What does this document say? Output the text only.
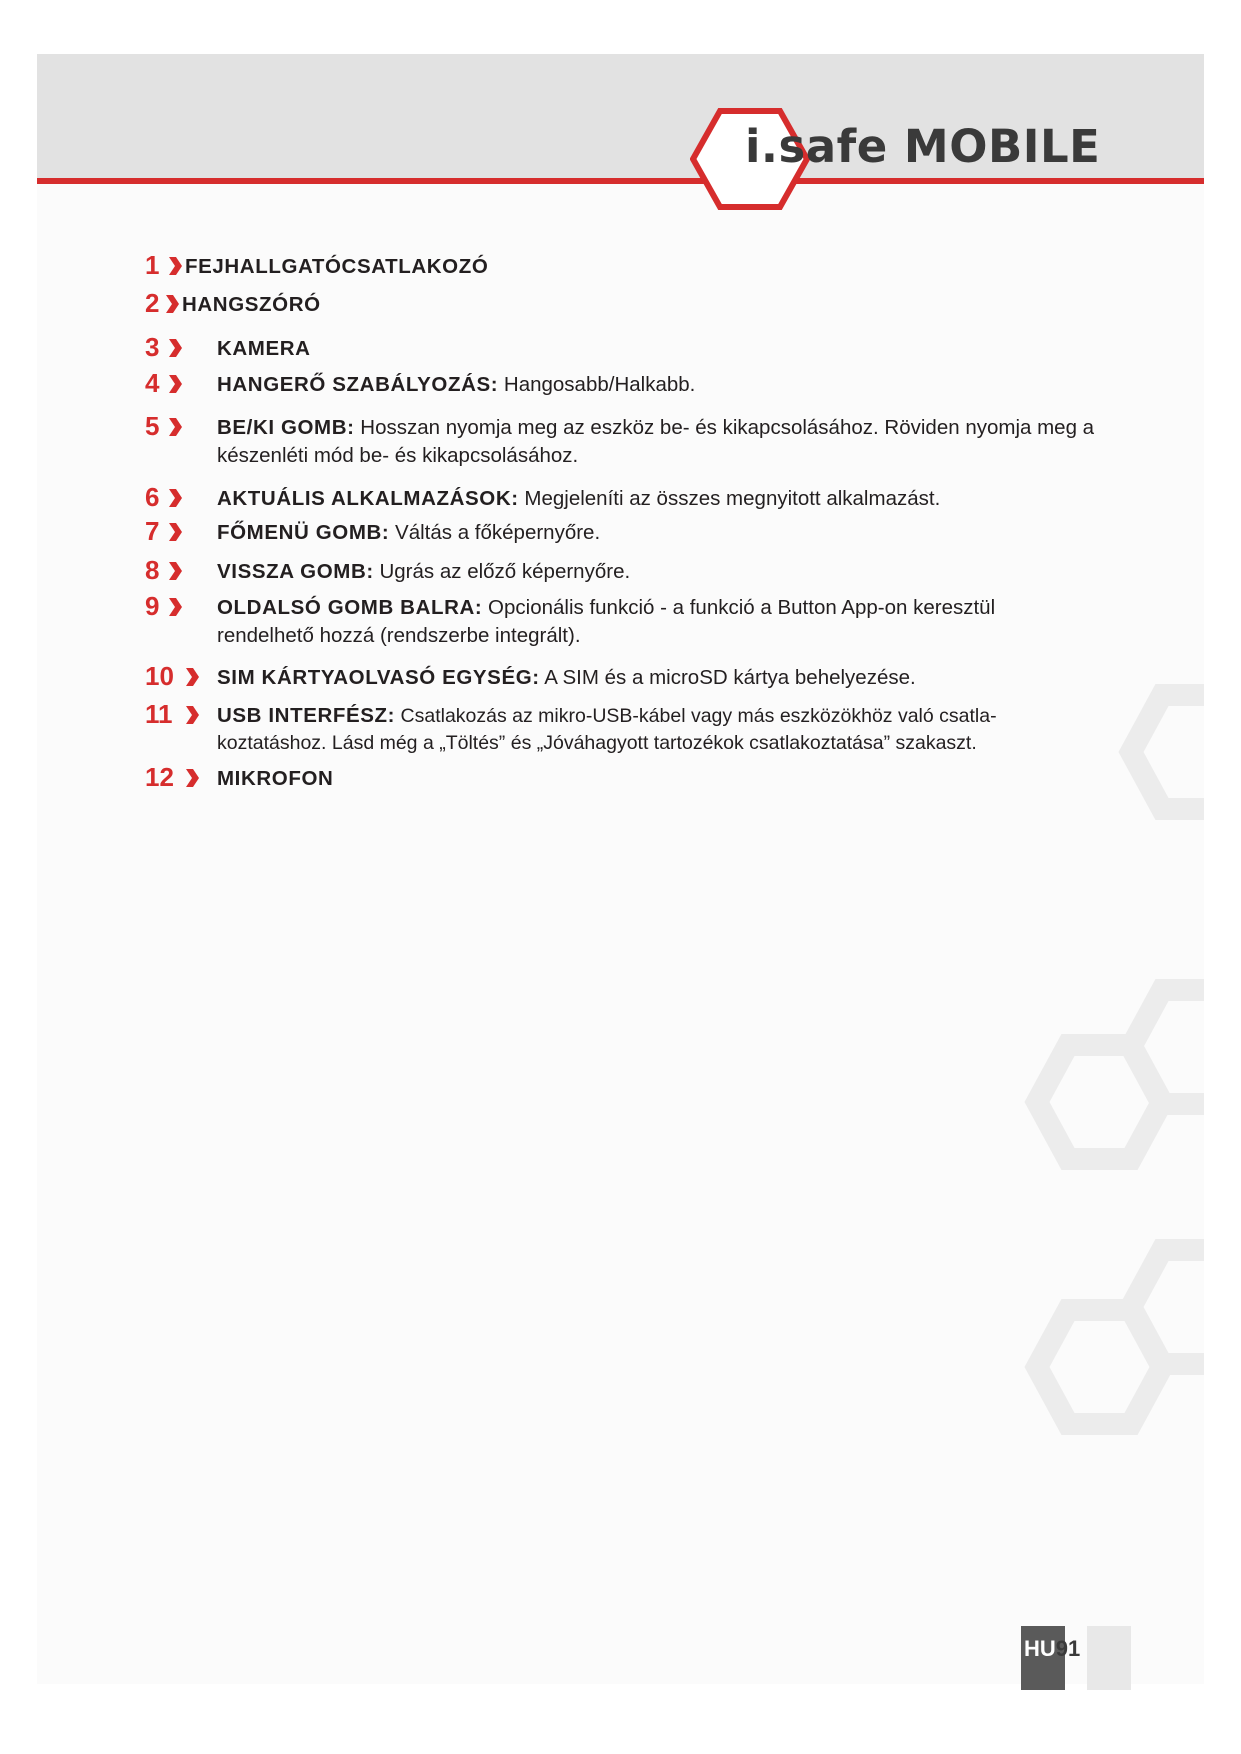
i.safe MOBILE
1 FEJHALLGATÓCSATLAKOZÓ
2 HANGSZÓRÓ
3	KAMERA
4	HANGERŐ SZABÁLYOZÁS: Hangosabb/Halkabb.
5	BE/KI GOMB: Hosszan nyomja meg az eszköz be- és kikapcsolásához. Röviden nyomja meg a készenléti mód be- és kikapcsolásához.
6	AKTUÁLIS ALKALMAZÁSOK: Megjeleníti az összes megnyitott alkalmazást.
7	FŐMENÜ GOMB: Váltás a főképernyőre.
8	VISSZA GOMB: Ugrás az előző képernyőre.
9	OLDALSÓ GOMB BALRA: Opcionális funkció - a funkció a Button App-on keresztül rendelhető hozzá (rendszerbe integrált).
10 SIM KÁRTYAOLVASÓ EGYSÉG: A SIM és a microSD kártya behelyezése.
11 USB INTERFÉSZ: Csatlakozás az mikro-USB-kábel vagy más eszközökhöz való csatla-koztatáshoz. Lásd még a „Töltés” és „Jóváhagyott tartozékok csatlakoztatása” szakaszt.
12 MIKROFON
HU91
